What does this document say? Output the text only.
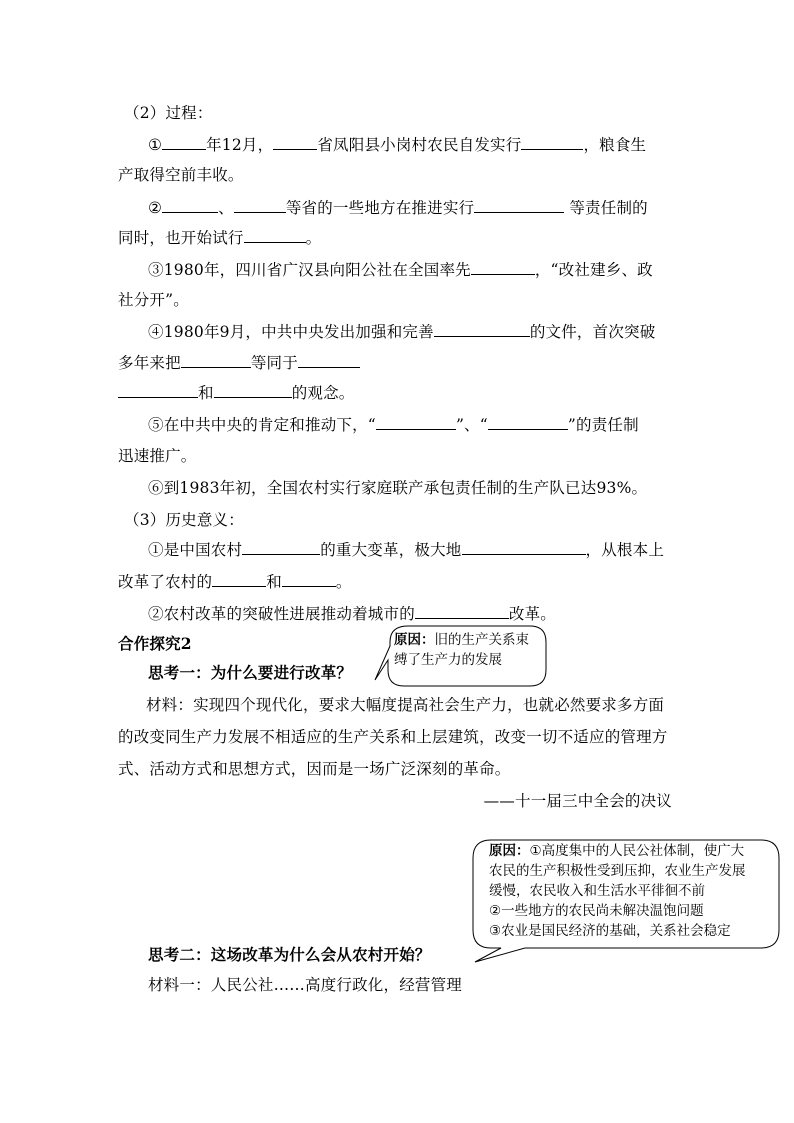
（2）过程：
①	年12月，	省凤阳县小岗村农民自发实行	，粮食生
产取得空前丰收。
②	、	等省的一些地方在推进实行	等责任制的
同时，也开始试行	。
③1980年，四川省广汉县向阳公社在全国率先	，“改社建乡、政
社分开”。
④1980年9月，中共中央发出加强和完善	的文件，首次突破
多年来把	等同于
和	的观念。
⑤在中共中央的肯定和推动下，“	”、“	”的责任制
迅速推广。
⑥到1983年初，全国农村实行家庭联产承包责任制的生产队已达93%。
（3）历史意义：
①是中国农村	的重大变革，极大地	，从根本上
改革了农村的	和	。
②农村改革的突破性进展推动着城市的	改革。
合作探究2
思考一：为什么要进行改革？
材料：实现四个现代化，要求大幅度提高社会生产力，也就必然要求多方面
的改变同生产力发展不相适应的生产关系和上层建筑，改变一切不适应的管理方
式、活动方式和思想方式，因而是一场广泛深刻的革命。
——十一届三中全会的决议
思考二：这场改革为什么会从农村开始？
材料一：人民公社……高度行政化，经营管理
原因：旧的生产关系束
缚了生产力的发展
原因：①高度集中的人民公社体制，使广大
农民的生产积极性受到压抑，农业生产发展
缓慢，农民收入和生活水平徘徊不前
②一些地方的农民尚未解决温饱问题
③农业是国民经济的基础，关系社会稳定
